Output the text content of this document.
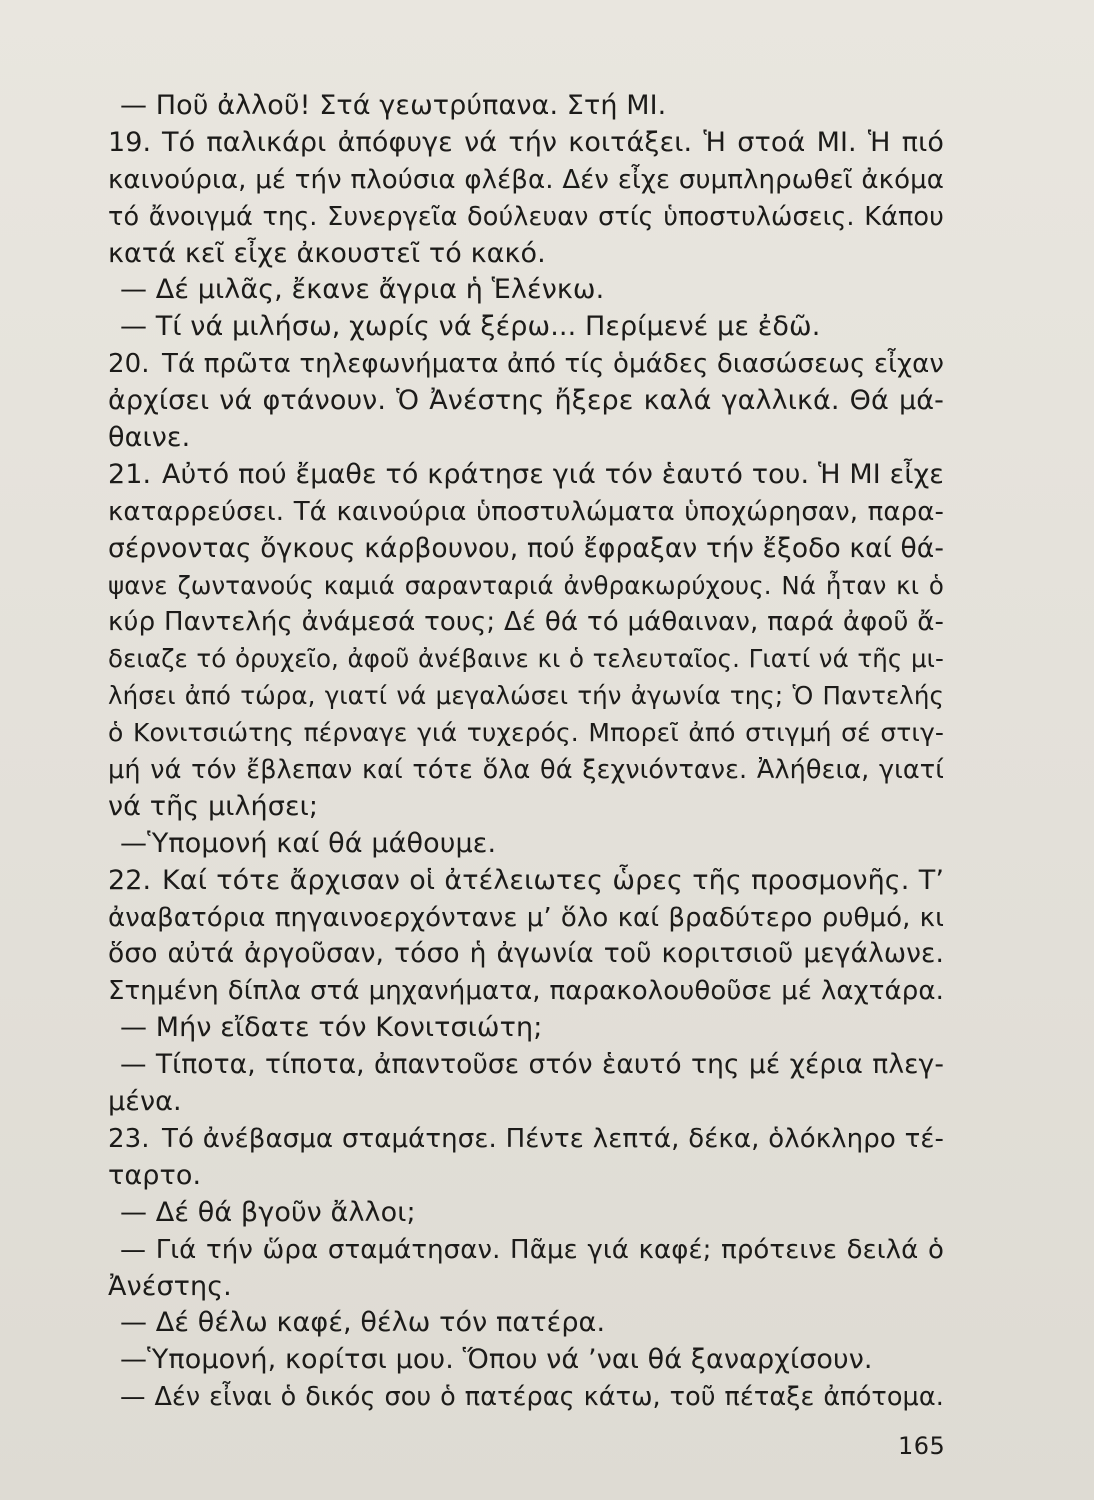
— Ποῦ ἀλλοῦ! Στά γεωτρύπανα. Στή ΜΙ.
19. Τό παλικάρι ἀπόφυγε νά τήν κοιτάξει. Ἡ στοά ΜΙ. Ἡ πιό
καινούρια, μέ τήν πλούσια φλέβα. Δέν εἶχε συμπληρωθεῖ ἀκόμα
τό ἄνοιγμά της. Συνεργεῖα δούλευαν στίς ὑποστυλώσεις. Κάπου
κατά κεῖ εἶχε ἀκουστεῖ τό κακό.
— Δέ μιλᾶς, ἔκανε ἄγρια ἡ Ἑλένκω.
— Τί νά μιλήσω, χωρίς νά ξέρω... Περίμενέ με ἐδῶ.
20. Τά πρῶτα τηλεφωνήματα ἀπό τίς ὁμάδες διασώσεως εἶχαν
ἀρχίσει νά φτάνουν. Ὁ Ἀνέστης ἤξερε καλά γαλλικά. Θά μά-
θαινε.
21. Αὐτό πού ἔμαθε τό κράτησε γιά τόν ἑαυτό του. Ἡ ΜΙ εἶχε
καταρρεύσει. Τά καινούρια ὑποστυλώματα ὑποχώρησαν, παρα-
σέρνοντας ὄγκους κάρβουνου, πού ἔφραξαν τήν ἔξοδο καί θά-
ψανε ζωντανούς καμιά σαρανταριά ἀνθρακωρύχους. Νά ἦταν κι ὁ
κύρ Παντελής ἀνάμεσά τους; Δέ θά τό μάθαιναν, παρά ἀφοῦ ἄ-
δειαζε τό ὀρυχεῖο, ἀφοῦ ἀνέβαινε κι ὁ τελευταῖος. Γιατί νά τῆς μι-
λήσει ἀπό τώρα, γιατί νά μεγαλώσει τήν ἀγωνία της; Ὁ Παντελής
ὁ Κονιτσιώτης πέρναγε γιά τυχερός. Μπορεῖ ἀπό στιγμή σέ στιγ-
μή νά τόν ἔβλεπαν καί τότε ὅλα θά ξεχνιόντανε. Ἀλήθεια, γιατί
νά τῆς μιλήσει;
—Ὑπομονή καί θά μάθουμε.
22. Καί τότε ἄρχισαν οἱ ἀτέλειωτες ὧρες τῆς προσμονῆς. Τ’
ἀναβατόρια πηγαινοερχόντανε μ’ ὅλο καί βραδύτερο ρυθμό, κι
ὅσο αὐτά ἀργοῦσαν, τόσο ἡ ἀγωνία τοῦ κοριτσιοῦ μεγάλωνε.
Στημένη δίπλα στά μηχανήματα, παρακολουθοῦσε μέ λαχτάρα.
— Μήν εἴδατε τόν Κονιτσιώτη;
— Τίποτα, τίποτα, ἀπαντοῦσε στόν ἑαυτό της μέ χέρια πλεγ-
μένα.
23. Τό ἀνέβασμα σταμάτησε. Πέντε λεπτά, δέκα, ὁλόκληρο τέ-
ταρτο.
— Δέ θά βγοῦν ἄλλοι;
— Γιά τήν ὥρα σταμάτησαν. Πᾶμε γιά καφέ; πρότεινε δειλά ὁ
Ἀνέστης.
— Δέ θέλω καφέ, θέλω τόν πατέρα.
—Ὑπομονή, κορίτσι μου. Ὅπου νά ’ναι θά ξαναρχίσουν.
— Δέν εἶναι ὁ δικός σου ὁ πατέρας κάτω, τοῦ πέταξε ἀπότομα.
165
